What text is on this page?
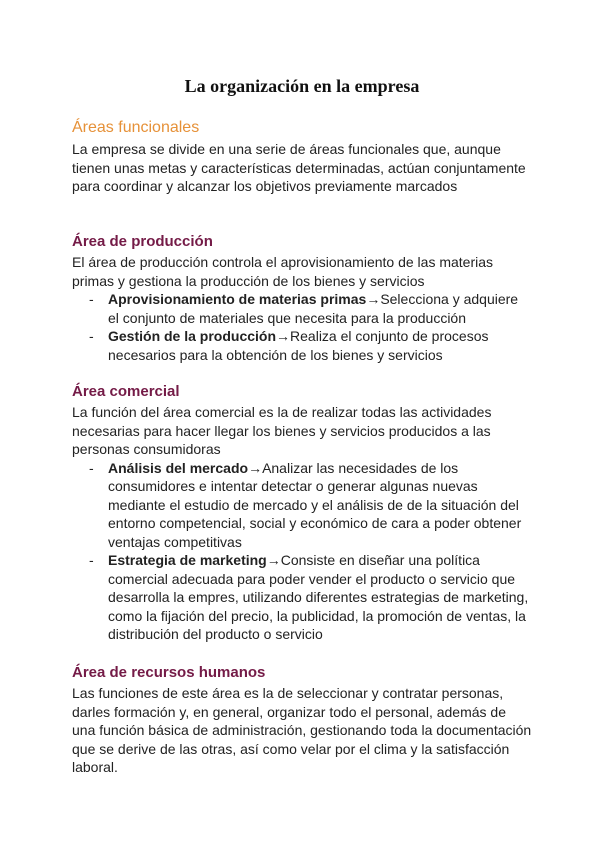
La organización en la empresa
Áreas funcionales

La empresa se divide en una serie de áreas funcionales que, aunque tienen unas metas y características determinadas, actúan conjuntamente para coordinar y alcanzar los objetivos previamente marcados

Área de producción

El área de producción controla el aprovisionamiento de las materias primas y gestiona la producción de los bienes y servicios

- Aprovisionamiento de materias primas→Selecciona y adquiere el conjunto de materiales que necesita para la producción
- Gestión de la producción→Realiza el conjunto de procesos necesarios para la obtención de los bienes y servicios
Área comercial

La función del área comercial es la de realizar todas las actividades necesarias para hacer llegar los bienes y servicios producidos a las personas consumidoras

- Análisis del mercado→Analizar las necesidades de los consumidores e intentar detectar o generar algunas nuevas mediante el estudio de mercado y el análisis de de la situación del entorno competencial, social y económico de cara a poder obtener ventajas competitivas
- Estrategia de marketing→Consiste en diseñar una política comercial adecuada para poder vender el producto o servicio que desarrolla la empres, utilizando diferentes estrategias de marketing, como la fijación del precio, la publicidad, la promoción de ventas, la distribución del producto o servicio
Área de recursos humanos

Las funciones de este área es la de seleccionar y contratar personas, darles formación y, en general, organizar todo el personal, además de una función básica de administración, gestionando toda la documentación que se derive de las otras, así como velar por el clima y la satisfacción laboral.
